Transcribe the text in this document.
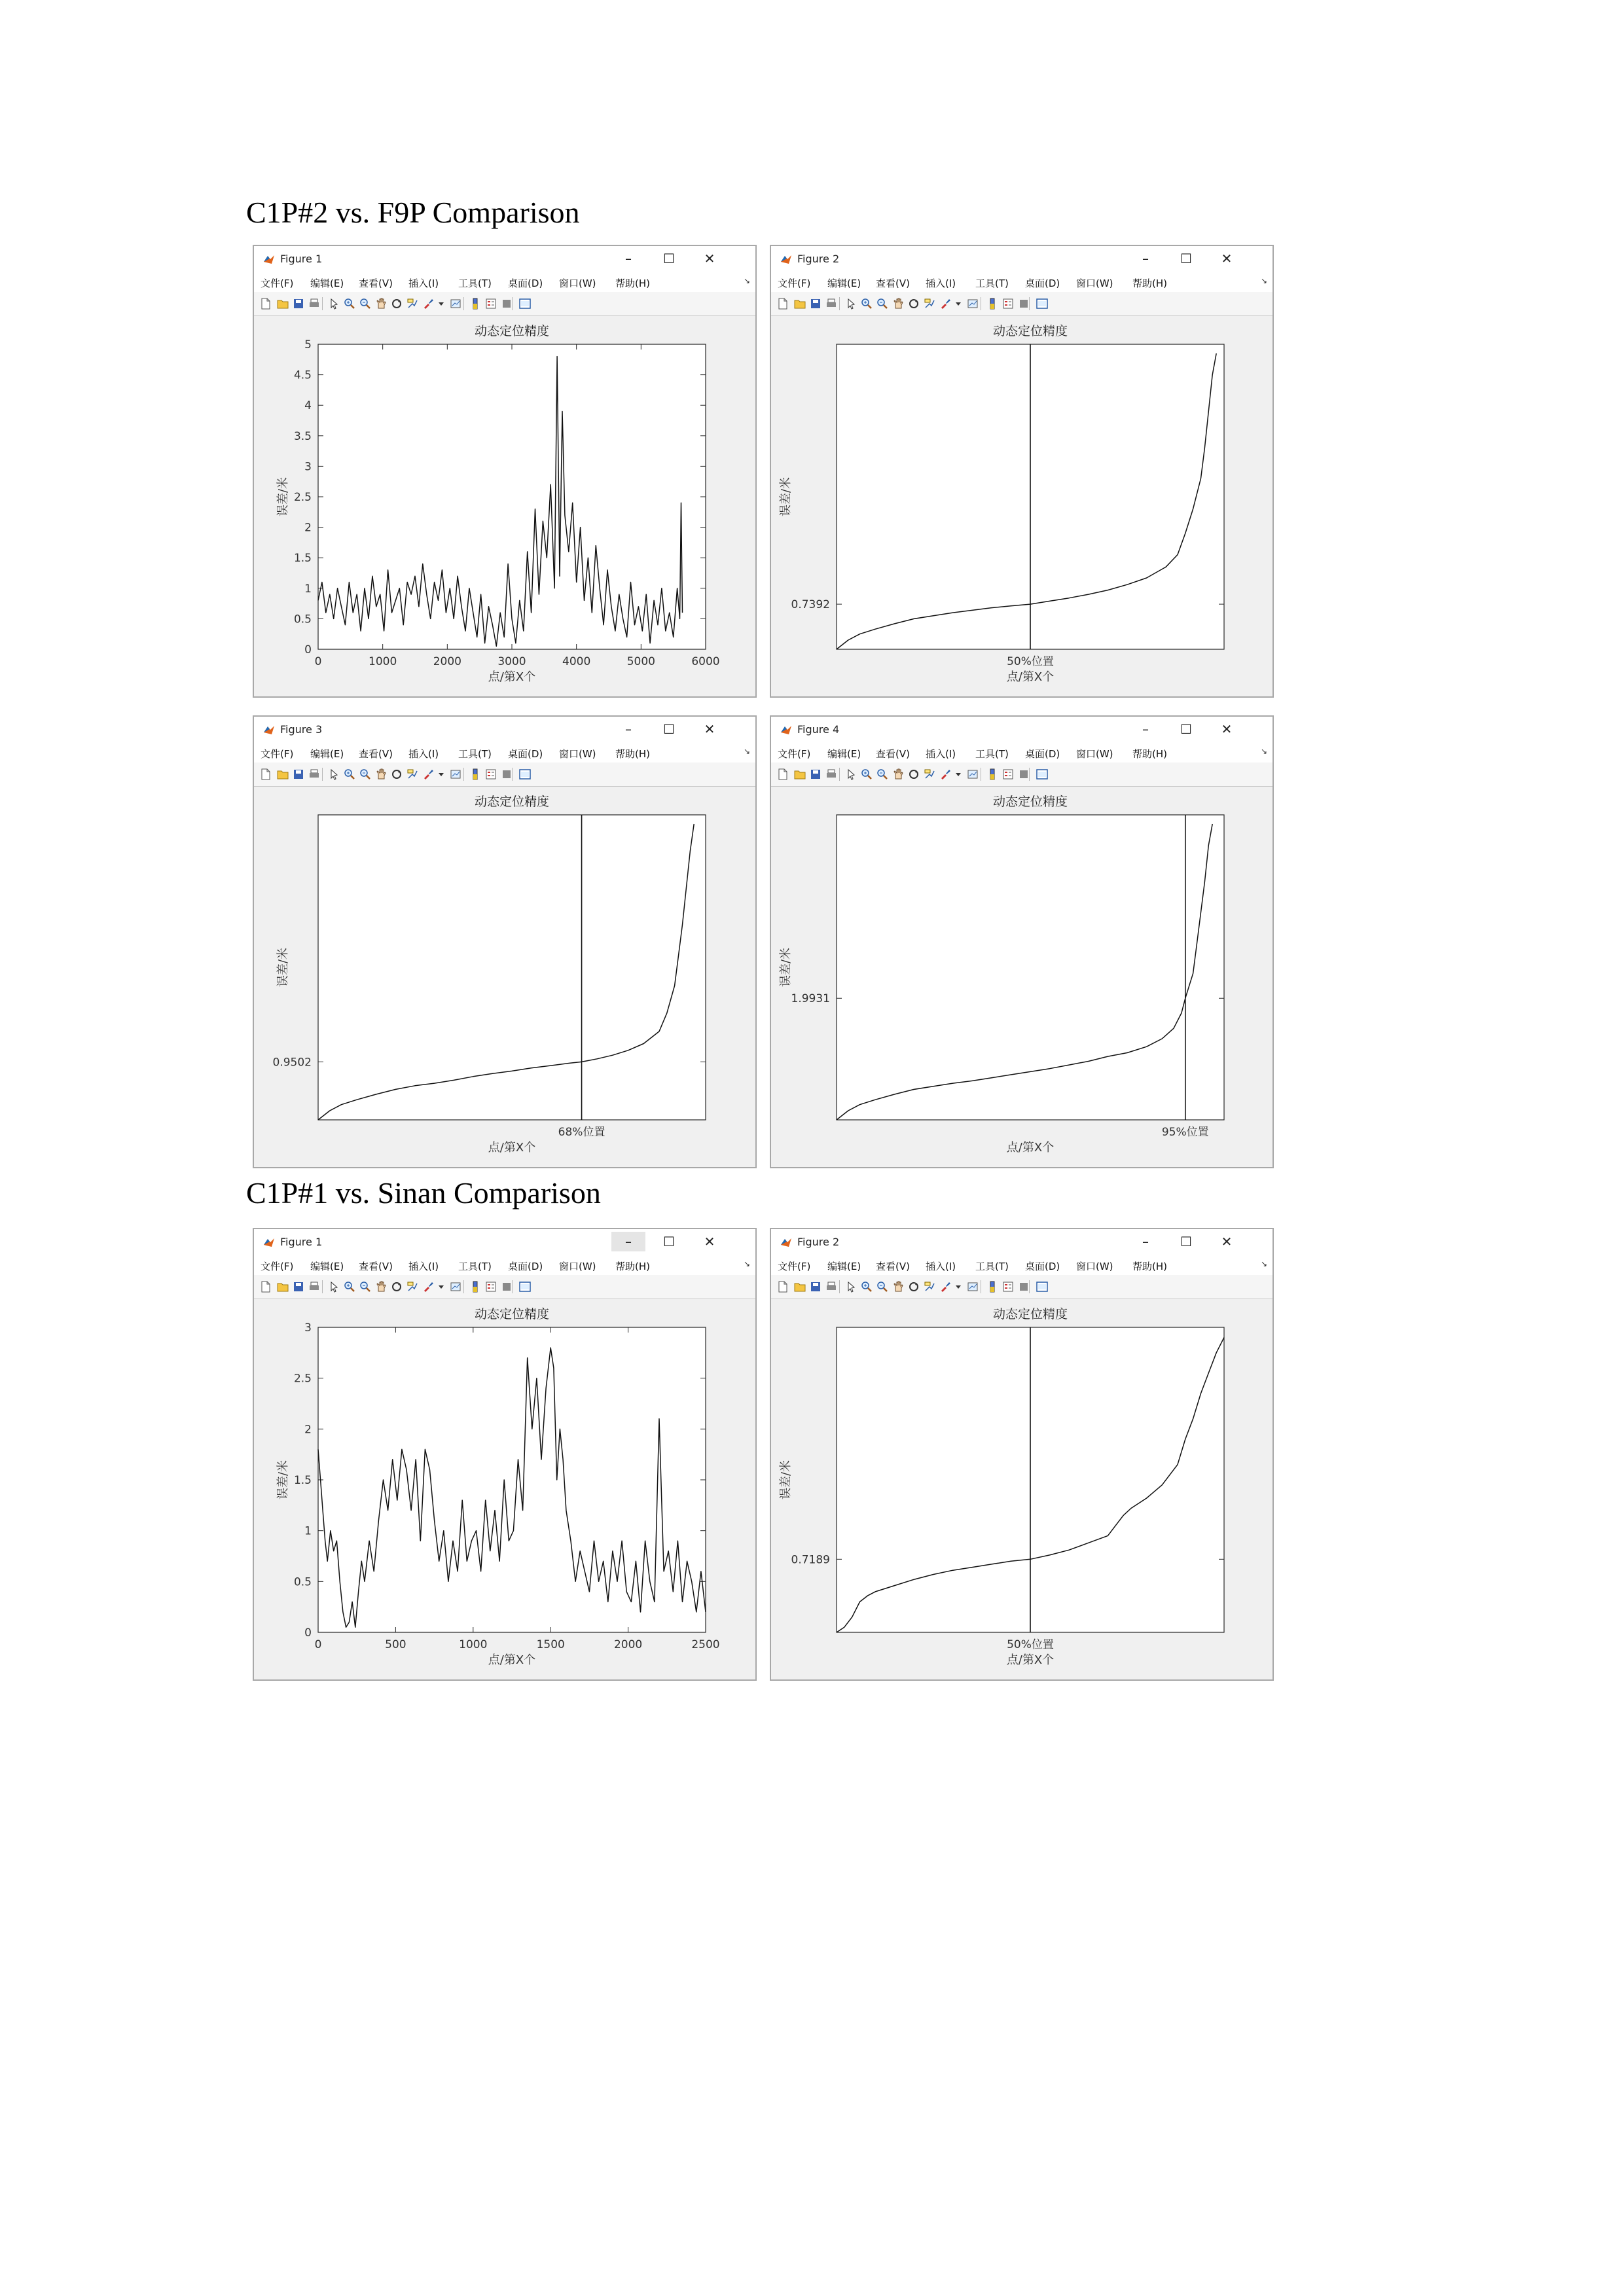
C1P#2 vs. F9P Comparison
C1P#1 vs. Sinan Comparison
Figure 1	–	☐	✕
文件(F) 编辑(E) 查看(V) 插入(I) 工具(T) 桌面(D) 窗口(W) 帮助(H)	↘
动态定位精度
0
0.5
1
1.5
2
2.5
3
3.5
4
4.5
5
0	1000	2000	3000	4000	5000	6000
点/第X个
误差/米
Figure 2	–	☐	✕
文件(F) 编辑(E) 查看(V) 插入(I) 工具(T) 桌面(D) 窗口(W) 帮助(H)	↘
动态定位精度
0.7392
50%位置
点/第X个
误差/米
Figure 3	–	☐	✕
文件(F) 编辑(E) 查看(V) 插入(I) 工具(T) 桌面(D) 窗口(W) 帮助(H)	↘
动态定位精度
0.9502
68%位置
点/第X个
误差/米
Figure 4	–	☐	✕
文件(F) 编辑(E) 查看(V) 插入(I) 工具(T) 桌面(D) 窗口(W) 帮助(H)	↘
动态定位精度
1.9931
95%位置
点/第X个
误差/米
Figure 1	–	☐	✕
文件(F) 编辑(E) 查看(V) 插入(I) 工具(T) 桌面(D) 窗口(W) 帮助(H)	↘
动态定位精度
0
0.5
1
1.5
2
2.5
3
0	500	1000	1500	2000	2500
点/第X个
误差/米
Figure 2	–	☐	✕
文件(F) 编辑(E) 查看(V) 插入(I) 工具(T) 桌面(D) 窗口(W) 帮助(H)	↘
动态定位精度
0.7189
50%位置
点/第X个
误差/米
